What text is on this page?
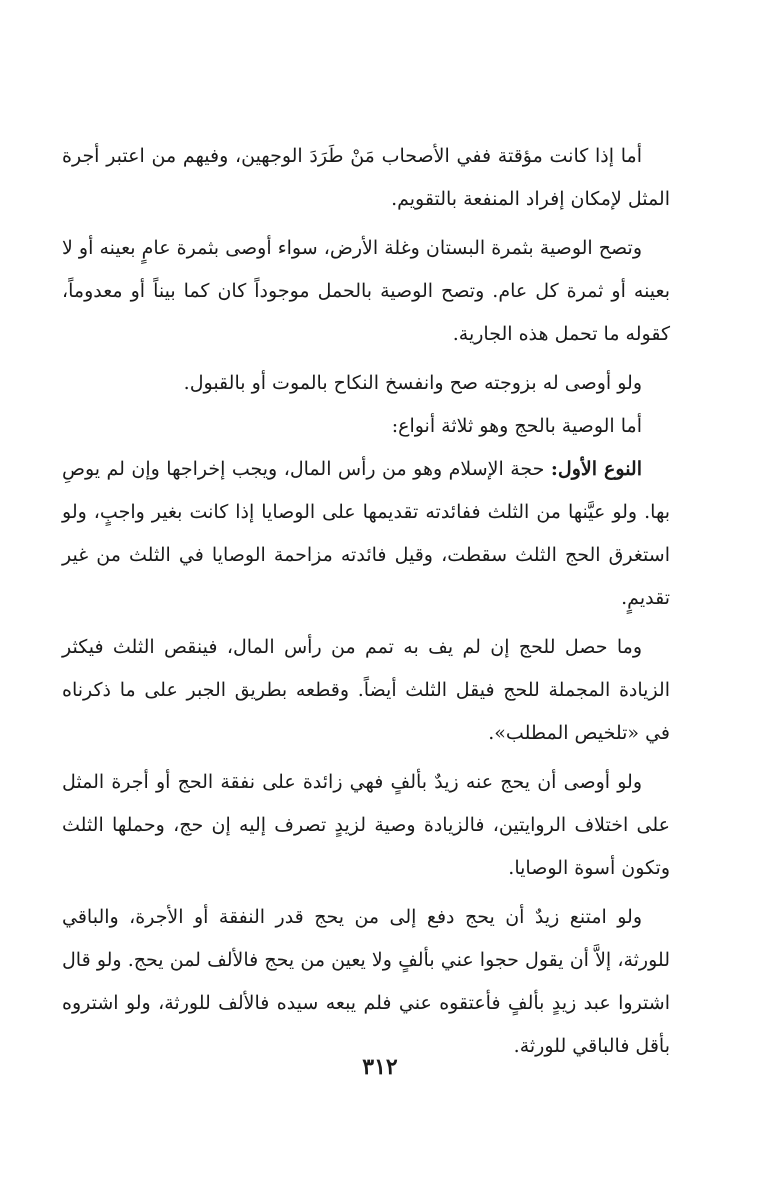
أما إذا كانت مؤقتة ففي الأصحاب مَنْ طَرَدَ الوجهين، وفيهم من اعتبر أجرة المثل لإمكان إفراد المنفعة بالتقويم.

وتصح الوصية بثمرة البستان وغلة الأرض، سواء أوصى بثمرة عامٍ بعينه أو لا بعينه أو ثمرة كل عام. وتصح الوصية بالحمل موجوداً كان كما بيناً أو معدوماً، كقوله ما تحمل هذه الجارية.

ولو أوصى له بزوجته صح وانفسخ النكاح بالموت أو بالقبول.

أما الوصية بالحج وهو ثلاثة أنواع:

النوع الأول: حجة الإسلام وهو من رأس المال، ويجب إخراجها وإن لم يوصِ بها. ولو عيَّنها من الثلث ففائدته تقديمها على الوصايا إذا كانت بغير واجبٍ، ولو استغرق الحج الثلث سقطت، وقيل فائدته مزاحمة الوصايا في الثلث من غير تقديمٍ.

وما حصل للحج إن لم يف به تمم من رأس المال، فينقص الثلث فيكثر الزيادة المجملة للحج فيقل الثلث أيضاً. وقطعه بطريق الجبر على ما ذكرناه في «تلخيص المطلب».

ولو أوصى أن يحج عنه زيدٌ بألفٍ فهي زائدة على نفقة الحج أو أجرة المثل على اختلاف الروايتين، فالزيادة وصية لزيدٍ تصرف إليه إن حج، وحملها الثلث وتكون أسوة الوصايا.

ولو امتنع زيدٌ أن يحج دفع إلى من يحج قدر النفقة أو الأجرة، والباقي للورثة، إلاَّ أن يقول حجوا عني بألفٍ ولا يعين من يحج فالألف لمن يحج. ولو قال اشتروا عبد زيدٍ بألفٍ فأعتقوه عني فلم يبعه سيده فالألف للورثة، ولو اشتروه بأقل فالباقي للورثة.

٣١٢
